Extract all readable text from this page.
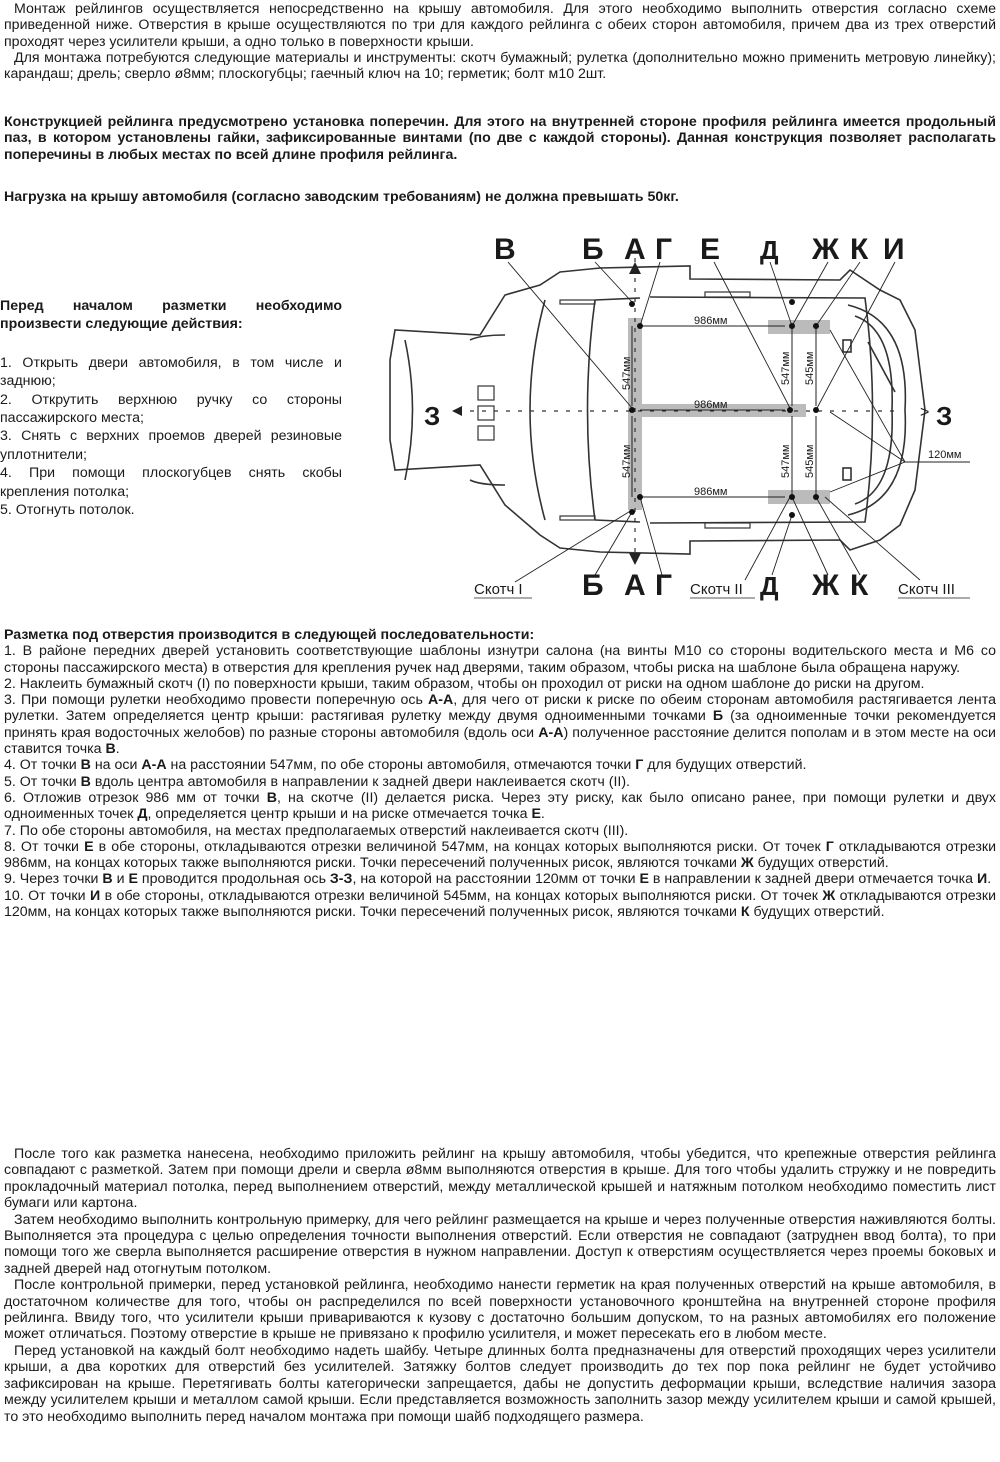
Монтаж рейлингов осуществляется непосредственно на крышу автомобиля. Для этого необходимо выполнить отверстия согласно схеме приведенной ниже. Отверстия в крыше осуществляются по три для каждого рейлинга с обеих сторон автомобиля, причем два из трех отверстий проходят через усилители крыши, а одно только в поверхности крыши.
Для монтажа потребуются следующие материалы и инструменты: скотч бумажный; рулетка (дополнительно можно применить метровую линейку); карандаш; дрель; сверло ø8мм; плоскогубцы; гаечный ключ на 10; герметик; болт м10 2шт.
Конструкцией рейлинга предусмотрено установка поперечин. Для этого на внутренней стороне профиля рейлинга имеется продольный паз, в котором установлены гайки, зафиксированные винтами (по две с каждой стороны). Данная конструкция позволяет располагать поперечины в любых местах по всей длине профиля рейлинга.
Нагрузка на крышу автомобиля (согласно заводским требованиям) не должна превышать 50кг.
Перед началом разметки необходимо произвести следующие действия:
1. Открыть двери автомобиля, в том числе и заднюю;
2. Открутить верхнюю ручку со стороны пассажирского места;
3. Снять с верхних проемов дверей резиновые уплотнители;
4. При помощи плоскогубцев снять скобы крепления потолка;
5. Отогнуть потолок.
>
В Б А Г Е Д Ж К И
Б А Г	Д Ж К
Скотч I	Скотч II	Скотч III
З	З
986мм
986мм
986мм
547мм
547мм
547мм
547мм
545мм
545мм	120мм
Разметка под отверстия производится в следующей последовательности:
1. В районе передних дверей установить соответствующие шаблоны изнутри салона (на винты М10 со стороны водительского места и М6 со стороны пассажирского места) в отверстия для крепления ручек над дверями, таким образом, чтобы риска на шаблоне была обращена наружу.
2. Наклеить бумажный скотч (I) по поверхности крыши, таким образом, чтобы он проходил от риски на одном шаблоне до риски на другом.
3. При помощи рулетки необходимо провести поперечную ось А-А, для чего от риски к риске по обеим сторонам автомобиля растягивается лента рулетки. Затем определяется центр крыши: растягивая рулетку между двумя одноименными точками Б (за одноименные точки рекомендуется принять края водосточных желобов) по разные стороны автомобиля (вдоль оси А-А) полученное расстояние делится пополам и в этом месте на оси ставится точка В.
4. От точки В на оси А-А на расстоянии 547мм, по обе стороны автомобиля, отмечаются точки Г для будущих отверстий.
5. От точки В вдоль центра автомобиля в направлении к задней двери наклеивается скотч (II).
6. Отложив отрезок 986 мм от точки В, на скотче (II) делается риска. Через эту риску, как было описано ранее, при помощи рулетки и двух одноименных точек Д, определяется центр крыши и на риске отмечается точка Е.
7. По обе стороны автомобиля, на местах предполагаемых отверстий наклеивается скотч (III).
8. От точки Е в обе стороны, откладываются отрезки величиной 547мм, на концах которых выполняются риски. От точек Г откладываются отрезки 986мм, на концах которых также выполняются риски. Точки пересечений полученных рисок, являются точками Ж будущих отверстий.
9. Через точки В и Е проводится продольная ось З-З, на которой на расстоянии 120мм от точки Е в направлении к задней двери отмечается точка И.
10. От точки И в обе стороны, откладываются отрезки величиной 545мм, на концах которых выполняются риски. От точек Ж откладываются отрезки 120мм, на концах которых также выполняются риски. Точки пересечений полученных рисок, являются точками К будущих отверстий.
После того как разметка нанесена, необходимо приложить рейлинг на крышу автомобиля, чтобы убедится, что крепежные отверстия рейлинга совпадают с разметкой. Затем при помощи дрели и сверла ø8мм выполняются отверстия в крыше. Для того чтобы удалить стружку и не повредить прокладочный материал потолка, перед выполнением отверстий, между металлической крышей и натяжным потолком необходимо поместить лист бумаги или картона.
Затем необходимо выполнить контрольную примерку, для чего рейлинг размещается на крыше и через полученные отверстия наживляются болты. Выполняется эта процедура с целью определения точности выполнения отверстий. Если отверстия не совпадают (затруднен ввод болта), то при помощи того же сверла выполняется расширение отверстия в нужном направлении. Доступ к отверстиям осуществляется через проемы боковых и задней дверей над отогнутым потолком.
После контрольной примерки, перед установкой рейлинга, необходимо нанести герметик на края полученных отверстий на крыше автомобиля, в достаточном количестве для того, чтобы он распределился по всей поверхности установочного кронштейна на внутренней стороне профиля рейлинга. Ввиду того, что усилители крыши привариваются к кузову с достаточно большим допуском, то на разных автомобилях его положение может отличаться. Поэтому отверстие в крыше не привязано к профилю усилителя, и может пересекать его в любом месте.
Перед установкой на каждый болт необходимо надеть шайбу. Четыре длинных болта предназначены для отверстий проходящих через усилители крыши, а два коротких для отверстий без усилителей. Затяжку болтов следует производить до тех пор пока рейлинг не будет устойчиво зафиксирован на крыше. Перетягивать болты категорически запрещается, дабы не допустить деформации крыши, вследствие наличия зазора между усилителем крыши и металлом самой крыши. Если представляется возможность заполнить зазор между усилителем крыши и самой крышей, то это необходимо выполнить перед началом монтажа при помощи шайб подходящего размера.
